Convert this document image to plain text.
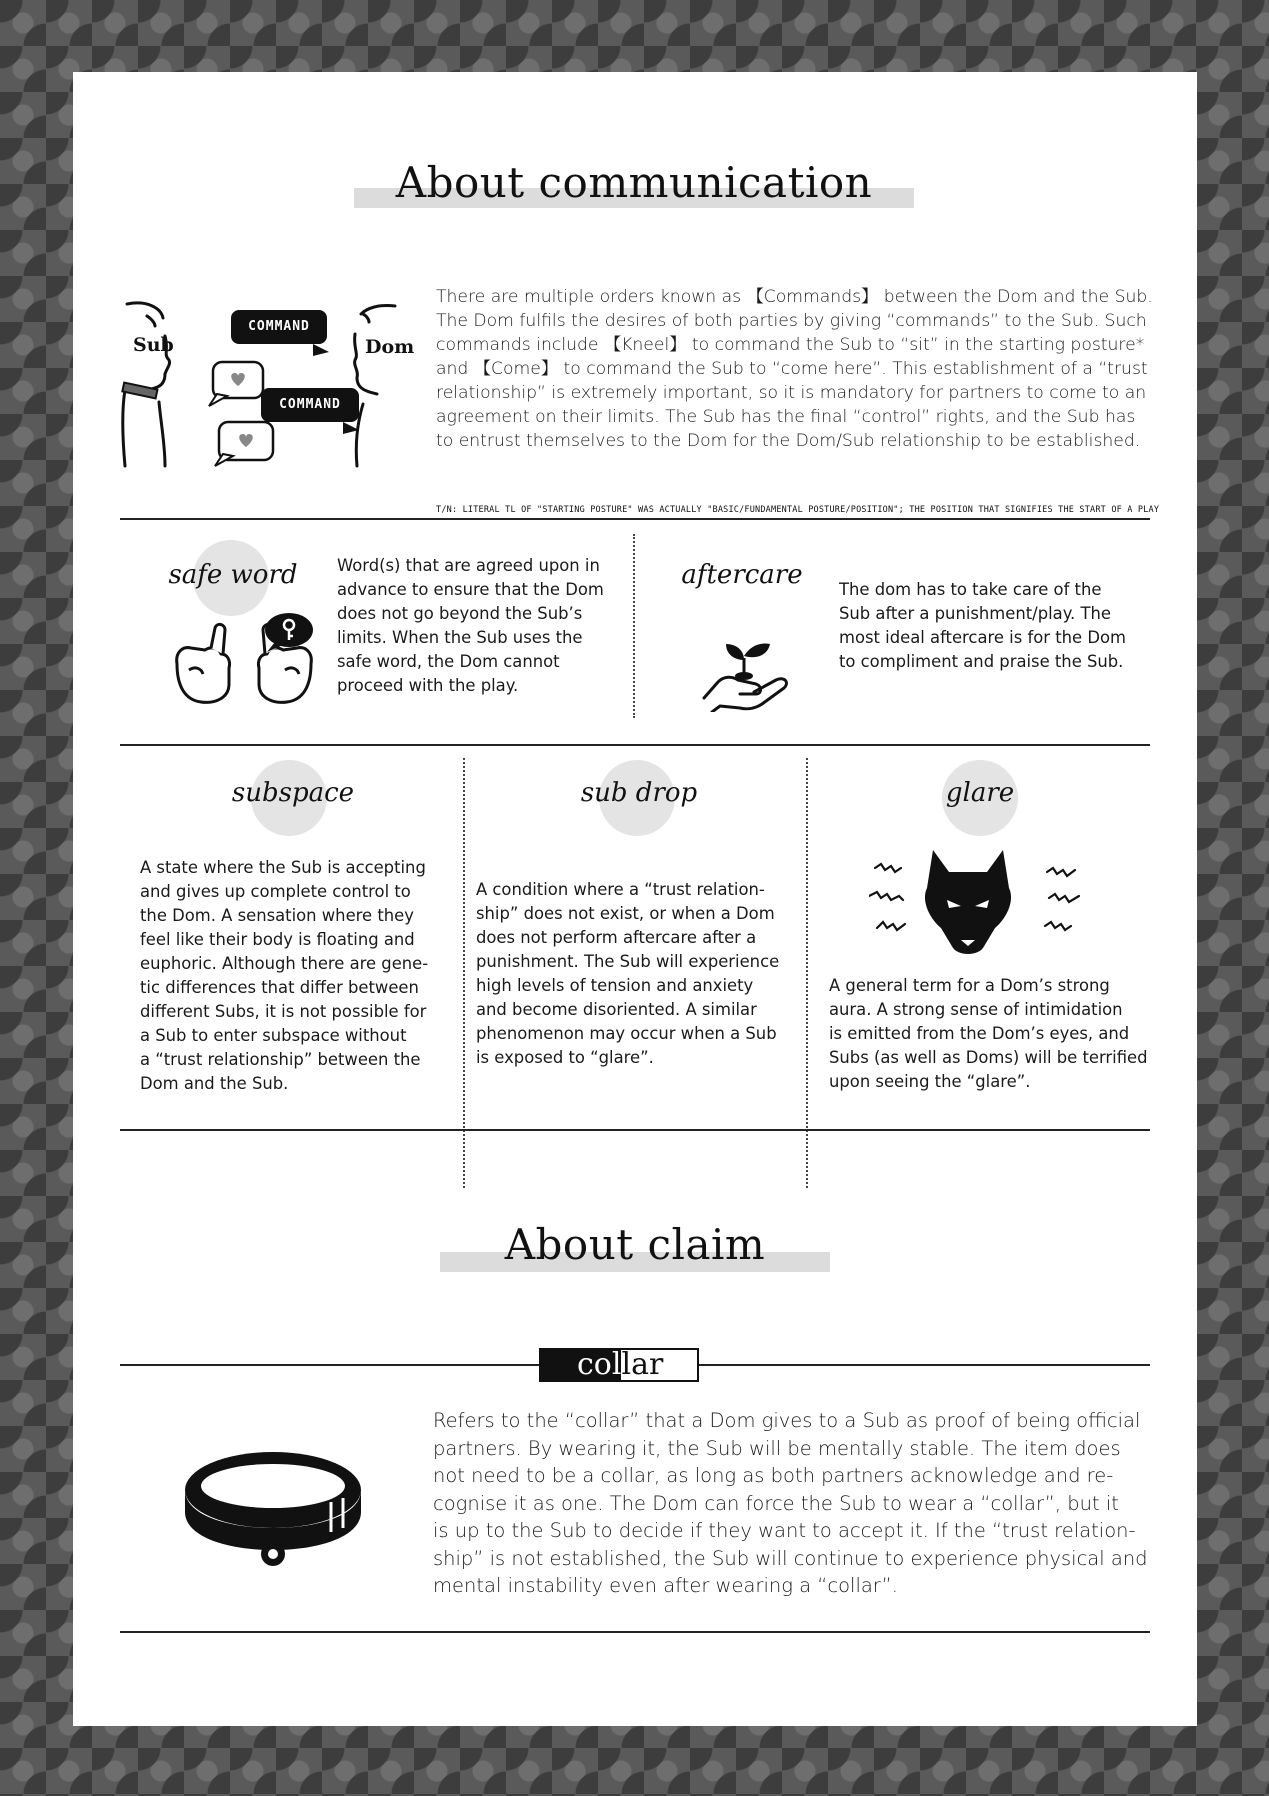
About communication
Sub	Dom
COMMAND
COMMAND
There are multiple orders known as 【Commands】 between the Dom and the Sub.
The Dom fulfils the desires of both parties by giving “commands” to the Sub. Such
commands include 【Kneel】 to command the Sub to “sit” in the starting posture*
and 【Come】 to command the Sub to “come here”. This establishment of a “trust
relationship” is extremely important, so it is mandatory for partners to come to an
agreement on their limits. The Sub has the final “control” rights, and the Sub has
to entrust themselves to the Dom for the Dom/Sub relationship to be established.
T/N: LITERAL TL OF "STARTING POSTURE" WAS ACTUALLY "BASIC/FUNDAMENTAL POSTURE/POSITION"; THE POSITION THAT SIGNIFIES THE START OF A PLAY
safe word	Word(s) that are agreed upon in
advance to ensure that the Dom
does not go beyond the Sub’s
limits. When the Sub uses the
safe word, the Dom cannot
proceed with the play.
aftercare	The dom has to take care of the
Sub after a punishment/play. The
most ideal aftercare is for the Dom
to compliment and praise the Sub.
subspace
A state where the Sub is accepting
and gives up complete control to
the Dom. A sensation where they
feel like their body is floating and
euphoric. Although there are gene-
tic differences that differ between
different Subs, it is not possible for
a Sub to enter subspace without
a “trust relationship” between the
Dom and the Sub.
sub drop
A condition where a “trust relation-
ship” does not exist, or when a Dom
does not perform aftercare after a
punishment. The Sub will experience
high levels of tension and anxiety
and become disoriented. A similar
phenomenon may occur when a Sub
is exposed to “glare”.
glare
A general term for a Dom’s strong
aura. A strong sense of intimidation
is emitted from the Dom’s eyes, and
Subs (as well as Doms) will be terrified
upon seeing the “glare”.
About claim
col lar
Refers to the “collar” that a Dom gives to a Sub as proof of being official
partners. By wearing it, the Sub will be mentally stable. The item does
not need to be a collar, as long as both partners acknowledge and re-
cognise it as one. The Dom can force the Sub to wear a “collar”, but it
is up to the Sub to decide if they want to accept it. If the “trust relation-
ship” is not established, the Sub will continue to experience physical and
mental instability even after wearing a “collar”.
